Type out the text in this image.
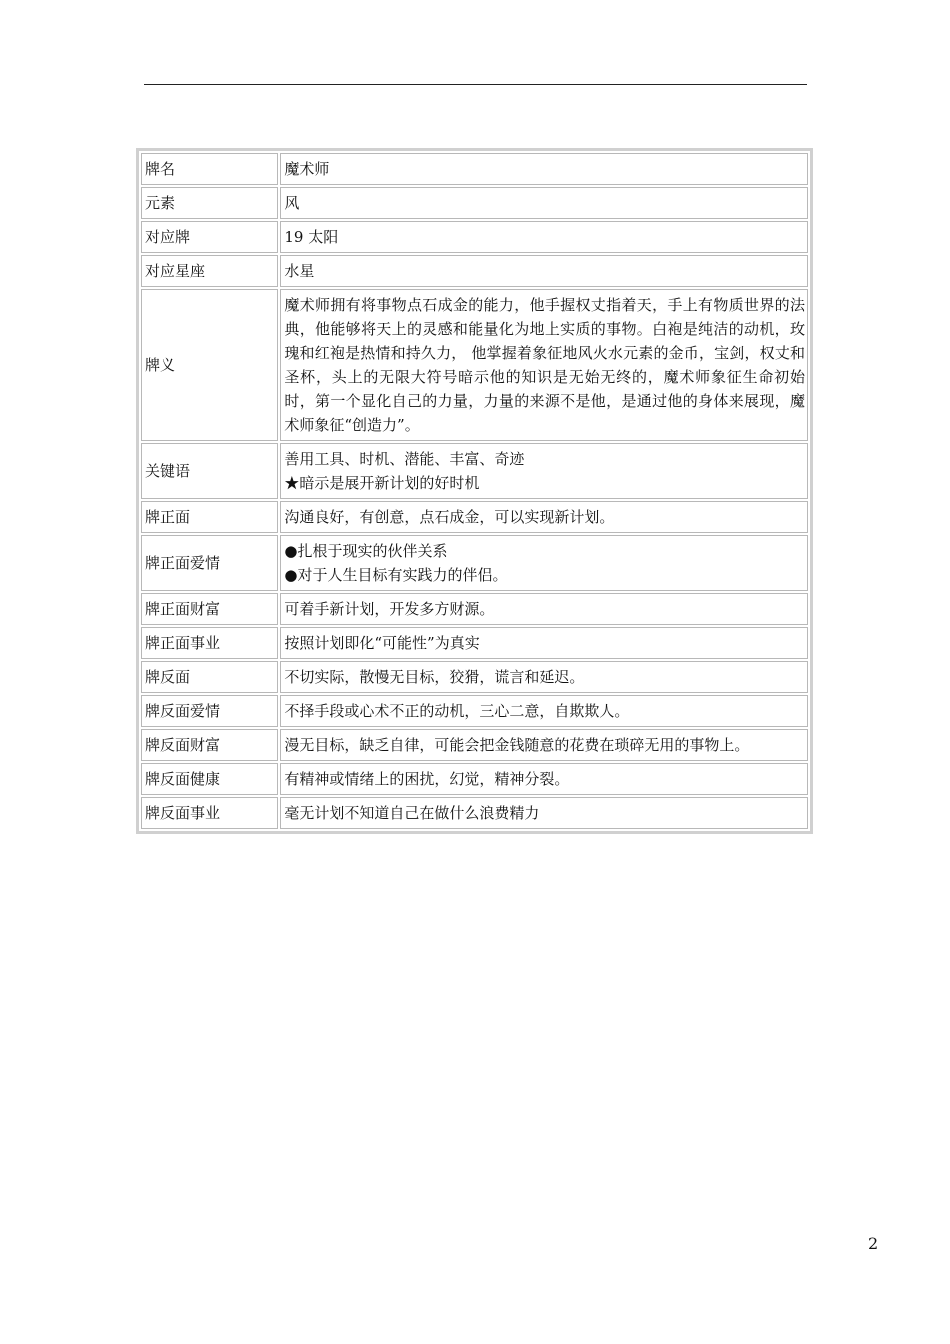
牌名	魔术师

元素	风

对应牌	19 太阳

对应星座	水星

牌义	魔术师拥有将事物点石成金的能力，他手握权丈指着天，手上有物质世界的法典，他能够将天上的灵感和能量化为地上实质的事物。白袍是纯洁的动机，玫瑰和红袍是热情和持久力， 他掌握着象征地风火水元素的金币，宝剑，权丈和圣杯，头上的无限大符号暗示他的知识是无始无终的，魔术师象征生命初始时，第一个显化自己的力量，力量的来源不是他，是通过他的身体来展现，魔术师象征“创造力”。

关键语	善用工具、时机、潜能、丰富、奇迹
★暗示是展开新计划的好时机

牌正面	沟通良好，有创意，点石成金，可以实现新计划。

牌正面爱情	●扎根于现实的伙伴关系
●对于人生目标有实践力的伴侣。

牌正面财富	可着手新计划，开发多方财源。

牌正面事业	按照计划即化“可能性”为真实

牌反面	不切实际，散慢无目标，狡猾，谎言和延迟。

牌反面爱情	不择手段或心术不正的动机，三心二意，自欺欺人。

牌反面财富	漫无目标，缺乏自律，可能会把金钱随意的花费在琐碎无用的事物上。

牌反面健康	有精神或情绪上的困扰，幻觉，精神分裂。

牌反面事业	毫无计划不知道自己在做什么浪费精力
2
